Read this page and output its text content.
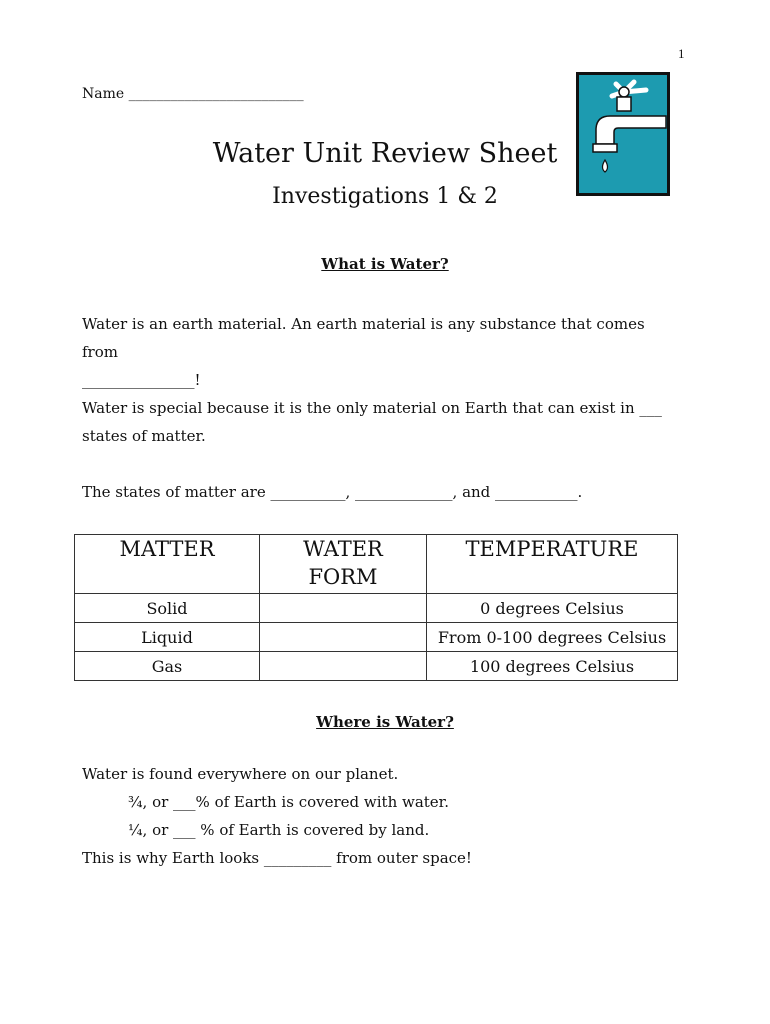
1
Name _________________________
Water Unit Review Sheet
Investigations 1 & 2
What is Water?
Water is an earth material. An earth material is any substance that comes from
_______________!
Water is special because it is the only material on Earth that can exist in ___
states of matter.
The states of matter are __________, _____________, and ___________.
MATTER	WATER FORM	TEMPERATURE
Solid		0 degrees Celsius
Liquid		From 0-100 degrees Celsius
Gas		100 degrees Celsius
Where is Water?
Water is found everywhere on our planet.
¾, or ___% of Earth is covered with water.
¼, or ___ % of Earth is covered by land.
This is why Earth looks _________ from outer space!
